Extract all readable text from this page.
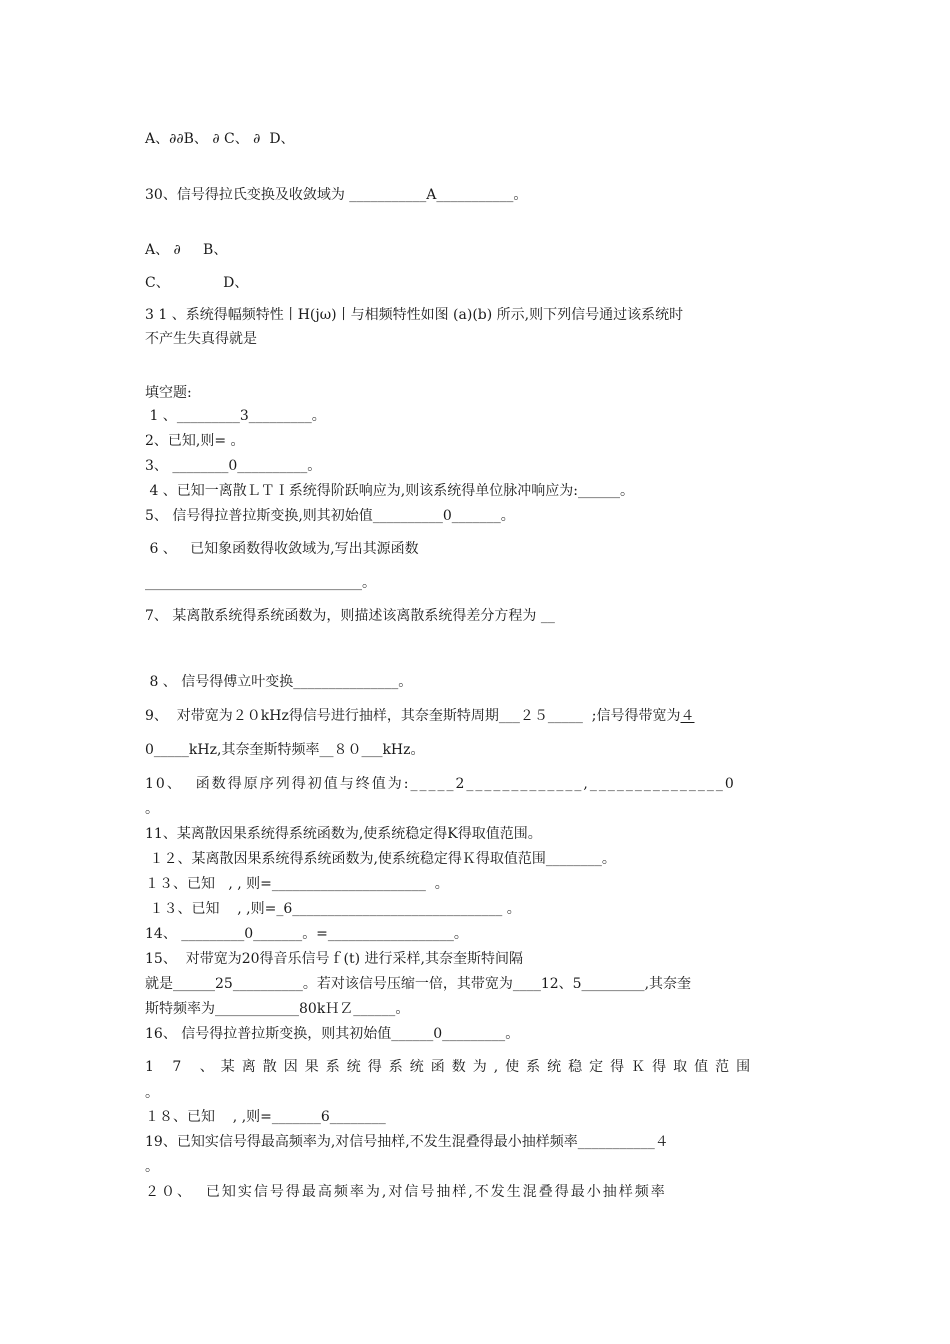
A、∂∂B、 ∂ C、 ∂  D、
30、信号得拉氏变换及收敛域为 ___________A___________。
A、 ∂     B、
C、            D、
3 1 、系统得幅频特性丨H(jω)丨与相频特性如图 (a)(b) 所示,则下列信号通过该系统时
不产生失真得就是
填空题:
1 、_________3_________。
2、已知,则= 。
3、 ________0__________。
4 、已知一离散ＬＴＩ系统得阶跃响应为,则该系统得单位脉冲响应为:______。
5、 信号得拉普拉斯变换,则其初始值__________0_______。
6 、   已知象函数得收敛域为,写出其源函数
_______________________________。
7、 某离散系统得系统函数为，则描述该离散系统得差分方程为 __
8 、 信号得傅立叶变换_______________。
9、  对带宽为２０kHz得信号进行抽样，其奈奎斯特周期___２５_____  ;信号得带宽为４
0_____kHz,其奈奎斯特频率__８０___kHz。
10、  函数得原序列得初值与终值为:_____2_____________,_______________0
。
11、某离散因果系统得系统函数为,使系统稳定得K得取值范围。
１２、某离散因果系统得系统函数为,使系统稳定得Ｋ得取值范围________。
１３、已知   , , 则=______________________  。
１３、已知    , ,则=_6______________________________ 。
14、 _________0_______。=__________________。
15、  对带宽为20得音乐信号ｆ(t) 进行采样,其奈奎斯特间隔
就是______25__________。若对该信号压缩一倍，其带宽为____12、5_________,其奈奎
斯特频率为____________80kＨＺ______。
16、 信号得拉普拉斯变换，则其初始值______0_________。
1 7 、某离散因果系统得系统函数为,使系统稳定得Ｋ得取值范围
。
１８、已知    , ,则=_______6________
19、已知实信号得最高频率为,对信号抽样,不发生混叠得最小抽样频率___________４
。
２０、  已知实信号得最高频率为,对信号抽样,不发生混叠得最小抽样频率
